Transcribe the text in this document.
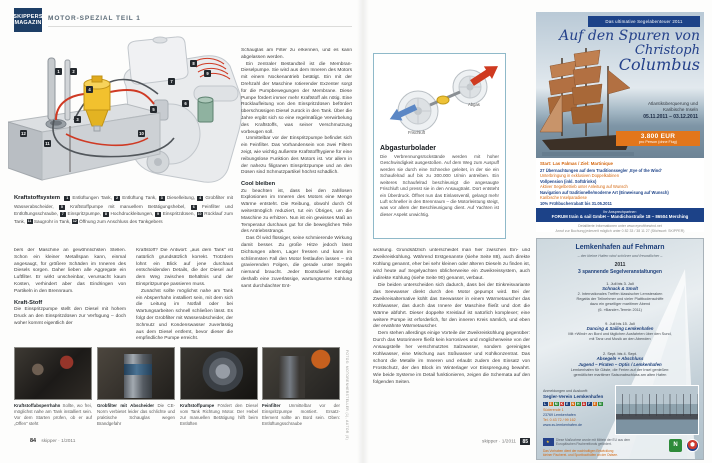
SKIPPERS
MAGAZIN
MOTOR-SPEZIAL TEIL 1
1	2
3
4
5
6
7
8
9
10
11
12
Kraftstoffsystem 1 Entlüftungen Tank, 2 Entlüftung Tank, 3 Dieselleitung, 4 Grobfilter mit Wasserabscheider, 5 Kraftstoffpumpe mit manuellem Betätigungshebel, 6 Feinfilter und Entlüftungsschraube, 7 Einspritzpumpe, 8 Hochdruckleitungen, 9 Einspritzdüsen, 10 Rücklauf zum Tank, 11 Saugrohr in Tank, 12 Öffnung zum Anschluss des Tankgebers

bers der Maschine an gewöhnlichsten Stellen. Schon ein kleiner Metallspan kann, einmal angesaugt, für größere Schäden im Inneren des Diesels sorgen. Daher lieben alle Aggregate ein Luftfilter. Er wirkt unscheinbar, verursacht kaum Kosten, verhindert aber das Eindringen von Partikeln in den Brennraum.

Kraft-Stoff

Die Einspritzpumpe stellt den Diesel mit hohem Druck an den Einspritzdüsen zur Verfügung – doch woher kommt eigentlich der

Kraftstoff? Die Antwort: „aus dem Tank“ ist natürlich grundsätzlich korrekt. Trotzdem lohnt ein Blick auf jene durchaus entscheidenden Details, die der Diesel auf dem Weg zwischen Behältnis und der Einspritzpumpe passieren muss.

Zunächst sollte möglichst nahe am Tank ein Absperrhahn installiert sein, mit dem sich die Leitung im Notfall oder bei Wartungsarbeiten schnell schließen lässt. Es folgt der Grobfilter mit Wasserabscheider, der Schmutz und Kondenswasser zuverlässig aus dem Diesel entfernt, bevor dieser die empfindliche Pumpe erreicht.

Schauglas am Filter zu erkennen, und es kann abgelassen werden.

Ein zentraler Bestandteil ist die Membran-Dieselpumpe. Sie wird aus dem Inneren des Motors mit einem Nockenantrieb betätigt. Ein mit der Drehzahl der Maschine rotierender Exzenter sorgt für die Pumpbewegungen der Membrane. Diese Pumpe fördert immer mehr Kraftstoff als nötig. Eine Rücklaufleitung von den Einspritzdüsen befördert überschüssigen Diesel zurück in den Tank. Über die Jahre ergibt sich so eine regelmäßige Verwirbelung des Kraftstoffs, was seiner Verschmutzung vorbeugen soll.

Unmittelbar vor der Einspritzpumpe befindet sich ein Feinfilter. Das Vorhandensein von zwei Filtern zeigt, wie wichtig äußerste Kraftstoffhygiene für eine reibungslose Funktion des Motors ist. Vor allem in der nahezu filigranen Einspritzpumpe und an den Düsen sind Schmutzpartikel höchst schädlich.

Cool bleiben

Zu beachten ist, dass bei den zahllosen Explosionen im Inneren des Motors eine Menge Wärme entsteht. Die Reibung, obwohl durch Öl weitestmöglich reduziert, tut ein Übriges, um die Maschine zu erhitzen. Nun ist ein gewisses Maß an Temperatur durchaus gut für die beweglichen Teile des Antriebsstrangs.

Das Öl wird flüssiger, seine schmierende Wirkung damit besser. Zu große Hitze jedoch lässt Dichtungen altern, Lager fressen und kann im schlimmsten Fall den Motor festlaufen lassen – mit gravierenden Folgen, die gerade unter Segeln niemand braucht. Jeder Bootsdiesel benötigt deshalb eine zuverlässige, wartungsarme Kühlung samt durchdachter Ent-

Frischluft
Abgas
Abgasturbolader
Die Verbrennungsrückstände werden mit hoher Geschwindigkeit ausgestoßen. Auf dem Weg zum Auspuff werden sie durch eine Schnecke geleitet, in der sie ein Schaufelrad auf bis zu 300.000 U/min antreiben. Ein weiteres Schaufelrad beschleunigt die angesaugte Frischluft und presst sie in den Ansaugtrakt. Dort entsteht ein Überdruck. Öffnet nun das Einlassventil, gelangt mehr Luft schneller in den Brennraum – die Motorleistung steigt, was vor allem der Beschleunigung dient. Auf Yachten ist dieser Aspekt unwichtig.

wicklung. Grundsätzlich unterscheidet man hier zwischen Ein- und Zweikreiskühlung. Während Erstgenannte (siehe Seite 88), auch direkte Kühlung genannt, eher bei sehr kleinen oder älteren Dieseln zu finden ist, wird heute auf Segelyachten üblicherweise ein Zweikreissystem, auch indirekte Kühlung (siehe Seite 90) genannt, verbaut.

Die beiden unterscheiden sich dadurch, dass bei der Einkreisvariante das Seewasser direkt durch den Motor gepumpt wird. Bei der Zweikreisalternative kühlt das Seewasser in einem Wärmetauscher das Kühlwasser, das durch das Innere der Maschine fließt und dort die Wärme abführt. Dieser doppelte Kreislauf ist natürlich komplexer; eine weitere Pumpe ist erforderlich, für den inneren Kreis nämlich, und eben der erwähnte Wärmetauscher.

Dem stehen allerdings einige Vorteile der Zweikreiskühlung gegenüber: Durch das Motorinnere fließt kein korrosives und möglicherweise von der Ansaugstelle her verschmutztes Salzwasser, sondern gereinigtes Kühlwasser, eine Mischung aus Süßwasser und Kühlkonzentrat. Das schont die Metalle im Inneren und erlaubt zudem den Einsatz von Frostschutz, der den Block im Winterlager vor Eissprengung bewahrt. Wie beide Systeme im Detail funktionieren, zeigen die Schemata auf den folgenden Seiten.

Kraftstoffabsperrhahn Sollte, wo frei, möglichst nahe am Tank installiert sein. Vor dem Starten prüfen, ob er auf „Offen“ steht
Grobfilter mit Abscheider Die CE-Norm verbietet leider das schlichte und praktische Schauglas wegen Brandgefahr
Kraftstoffpumpe Fördert den Diesel vom Tank Richtung Motor. Der Hebel zur manuellen Betätigung hilft beim Entlüften
Feinfilter Unmittelbar vor der Einspritzpumpe montiert. Ersatz-Element sollte an Bord sein. Oben: Entlüftungsschraube	FOTOS: MOTORENHERSTELLER (1), AUTOR (5)
84 skipper · 1/2011	skipper · 1/2011 85
Das ultimative Segelabenteuer 2011
Auf den Spuren von
Christoph
Columbus
Atlantiküberquerung und
Karibische Inseln
05.11.2011 – 03.12.2011
3.800 EUR
pro Person (ohne Flug)
Start: Las Palmas / Ziel: Martinique
27 Übernachtungen auf dem Traditionssegler ‚Eye of the Wind‘
Unterbringung in exklusiven Doppelkabinen
Vollpension (inkl. Softdrinks)
Aktiver Segelbetrieb unter Anleitung auf Wunsch
Navigation auf traditionelle/moderne Art (Einweisung auf Wunsch)
Karibische Inselparadiese
10% Frühbucherrabatt bis 31.05.2011
Ihr Ansprechpartner:
FORUM train & sail GmbH – Mandichostraße 18 – 86504 Merching
Detaillierte Informationen unter www.eyeofthewind.net
Anruf zur Buchung jederzeit möglich unter 0 82 33 / 38 11 27 (Stichwort: SKIPPER)
Lemkenhafen auf Fehmarn
– der kleine Hafen wird schöner und freundlicher –
2011
3 spannende Segelveranstaltungen
1. Juli bis 3. Juli
Schnack & Smolt
2. Internationales Treffen klassischer Lemsteraken
Regatta der Teilnehmer und vieler Plattbodenschiffe
dazu ein geselliger maritimer Abend
(6. »Bande«-Termin 2011)
9. Juli bis 15. Juli
Dancing & Sailing Lemkenhafen
Mit »Wind« an Bord und täglichen Ausfahrten über den Sund,
mit Tanz und Musik an den Abenden
2. Sept. bis 4. Sept.
Absegeln + Abschluss
Jugend – Piraten – Optis / Lemkenhafen
Lemkenhafen für Gäste, die Ferien auf der Insel genießen:
gemütlicher maritimer Saisonabschluss am alten Hafen
Anmeldungen und Auskunft:
Segler-Verein Lemkenhafen
L	E M K	E	N H A	F	E	N
Süderende 1
23769 Lemkenhafen
Tel. 0 43 72 / 99 162
www.sv-lemkenhafen.de
★
Diese Maßnahme wurde mit Mitteln der EU aus dem
Europäischen Fischereifonds gefördert.
Das Vorhaben dient der nachhaltigen Entwicklung
kleiner Fischerei- und Sportboothäfen an der Ostsee.
N
